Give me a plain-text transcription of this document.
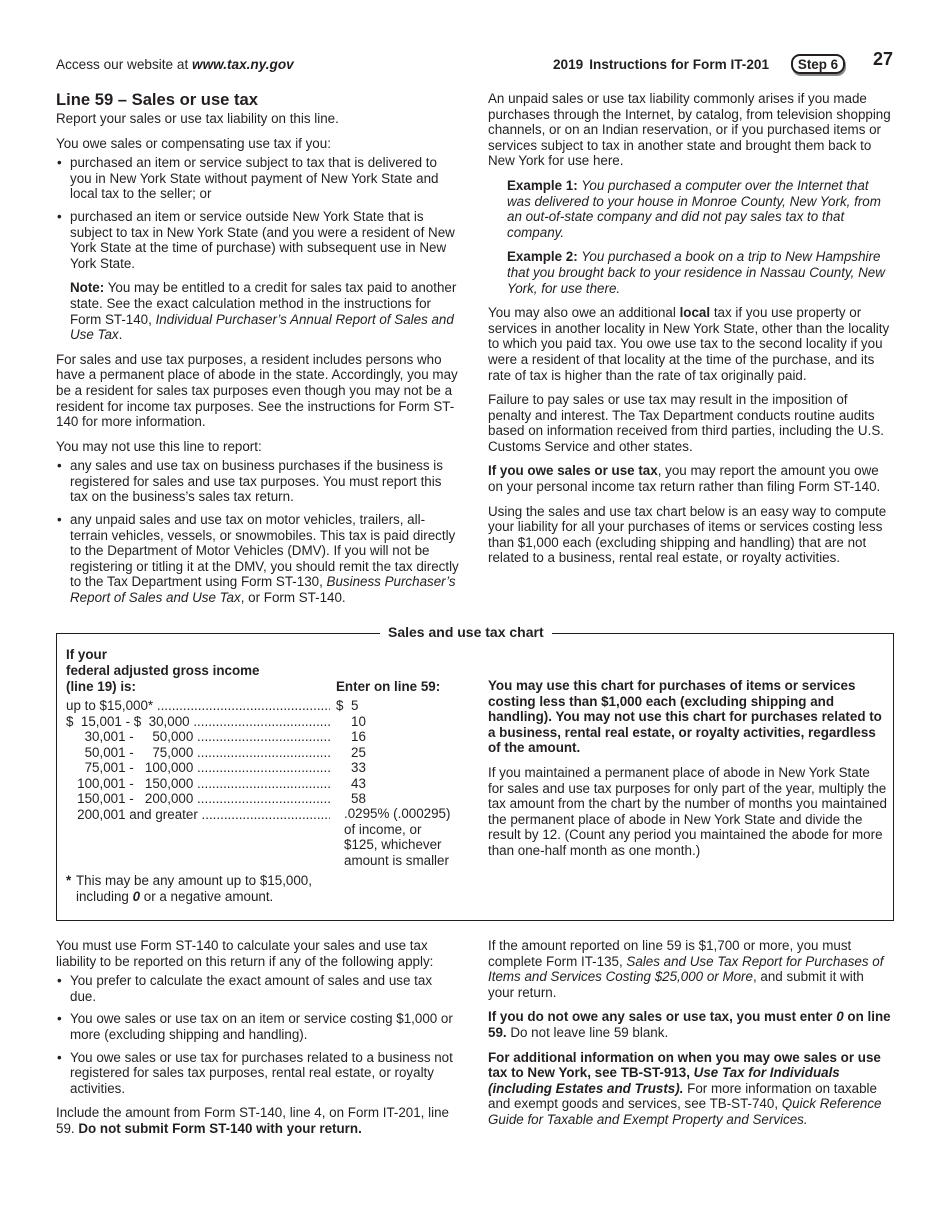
Access our website at www.tax.ny.gov	2019 Instructions for Form IT-201	Step 6	27
Line 59 – Sales or use tax

Report your sales or use tax liability on this line.

You owe sales or compensating use tax if you:

• purchased an item or service subject to tax that is delivered to you in New York State without payment of New York State and local tax to the seller; or
• purchased an item or service outside New York State that is subject to tax in New York State (and you were a resident of New York State at the time of purchase) with subsequent use in New York State.

Note: You may be entitled to a credit for sales tax paid to another state. See the exact calculation method in the instructions for Form ST-140, Individual Purchaser’s Annual Report of Sales and Use Tax.

For sales and use tax purposes, a resident includes persons who have a permanent place of abode in the state. Accordingly, you may be a resident for sales tax purposes even though you may not be a resident for income tax purposes. See the instructions for Form ST-140 for more information.

You may not use this line to report:

• any sales and use tax on business purchases if the business is registered for sales and use tax purposes. You must report this tax on the business’s sales tax return.
• any unpaid sales and use tax on motor vehicles, trailers, all-terrain vehicles, vessels, or snowmobiles. This tax is paid directly to the Department of Motor Vehicles (DMV). If you will not be registering or titling it at the DMV, you should remit the tax directly to the Tax Department using Form ST-130, Business Purchaser’s Report of Sales and Use Tax, or Form ST-140.

An unpaid sales or use tax liability commonly arises if you made purchases through the Internet, by catalog, from television shopping channels, or on an Indian reservation, or if you purchased items or services subject to tax in another state and brought them back to New York for use here.

Example 1: You purchased a computer over the Internet that was delivered to your house in Monroe County, New York, from an out-of-state company and did not pay sales tax to that company.

Example 2: You purchased a book on a trip to New Hampshire that you brought back to your residence in Nassau County, New York, for use there.

You may also owe an additional local tax if you use property or services in another locality in New York State, other than the locality to which you paid tax. You owe use tax to the second locality if you were a resident of that locality at the time of the purchase, and its rate of tax is higher than the rate of tax originally paid.

Failure to pay sales or use tax may result in the imposition of penalty and interest. The Tax Department conducts routine audits based on information received from third parties, including the U.S. Customs Service and other states.

If you owe sales or use tax, you may report the amount you owe on your personal income tax return rather than filing Form ST-140.

Using the sales and use tax chart below is an easy way to compute your liability for all your purchases of items or services costing less than $1,000 each (excluding shipping and handling) that are not related to a business, rental real estate, or royalty activities.

Sales and use tax chart
If your
federal adjusted gross income
(line 19) is:	Enter on line 59:
up to $15,000* .....	$ 5
$  15,001 - $  30,000 .....	10
30,001 -     50,000 .....	16
50,001 -     75,000 .....	25
75,001 -   100,000 .....	33
100,001 -   150,000 .....	43
150,001 -   200,000 .....	58
200,001 and greater .....	.0295% (.000295)
of income, or
$125, whichever
amount is smaller
* This may be any amount up to $15,000, including 0 or a negative amount.

You may use this chart for purchases of items or services costing less than $1,000 each (excluding shipping and handling). You may not use this chart for purchases related to a business, rental real estate, or royalty activities, regardless of the amount.

If you maintained a permanent place of abode in New York State for sales and use tax purposes for only part of the year, multiply the tax amount from the chart by the number of months you maintained the permanent place of abode in New York State and divide the result by 12. (Count any period you maintained the abode for more than one-half month as one month.)

You must use Form ST-140 to calculate your sales and use tax liability to be reported on this return if any of the following apply:

• You prefer to calculate the exact amount of sales and use tax due.
• You owe sales or use tax on an item or service costing $1,000 or more (excluding shipping and handling).
• You owe sales or use tax for purchases related to a business not registered for sales tax purposes, rental real estate, or royalty activities.

Include the amount from Form ST-140, line 4, on Form IT-201, line 59. Do not submit Form ST-140 with your return.

If the amount reported on line 59 is $1,700 or more, you must complete Form IT-135, Sales and Use Tax Report for Purchases of Items and Services Costing $25,000 or More, and submit it with your return.

If you do not owe any sales or use tax, you must enter 0 on line 59. Do not leave line 59 blank.

For additional information on when you may owe sales or use tax to New York, see TB-ST-913, Use Tax for Individuals (including Estates and Trusts). For more information on taxable and exempt goods and services, see TB-ST-740, Quick Reference Guide for Taxable and Exempt Property and Services.
